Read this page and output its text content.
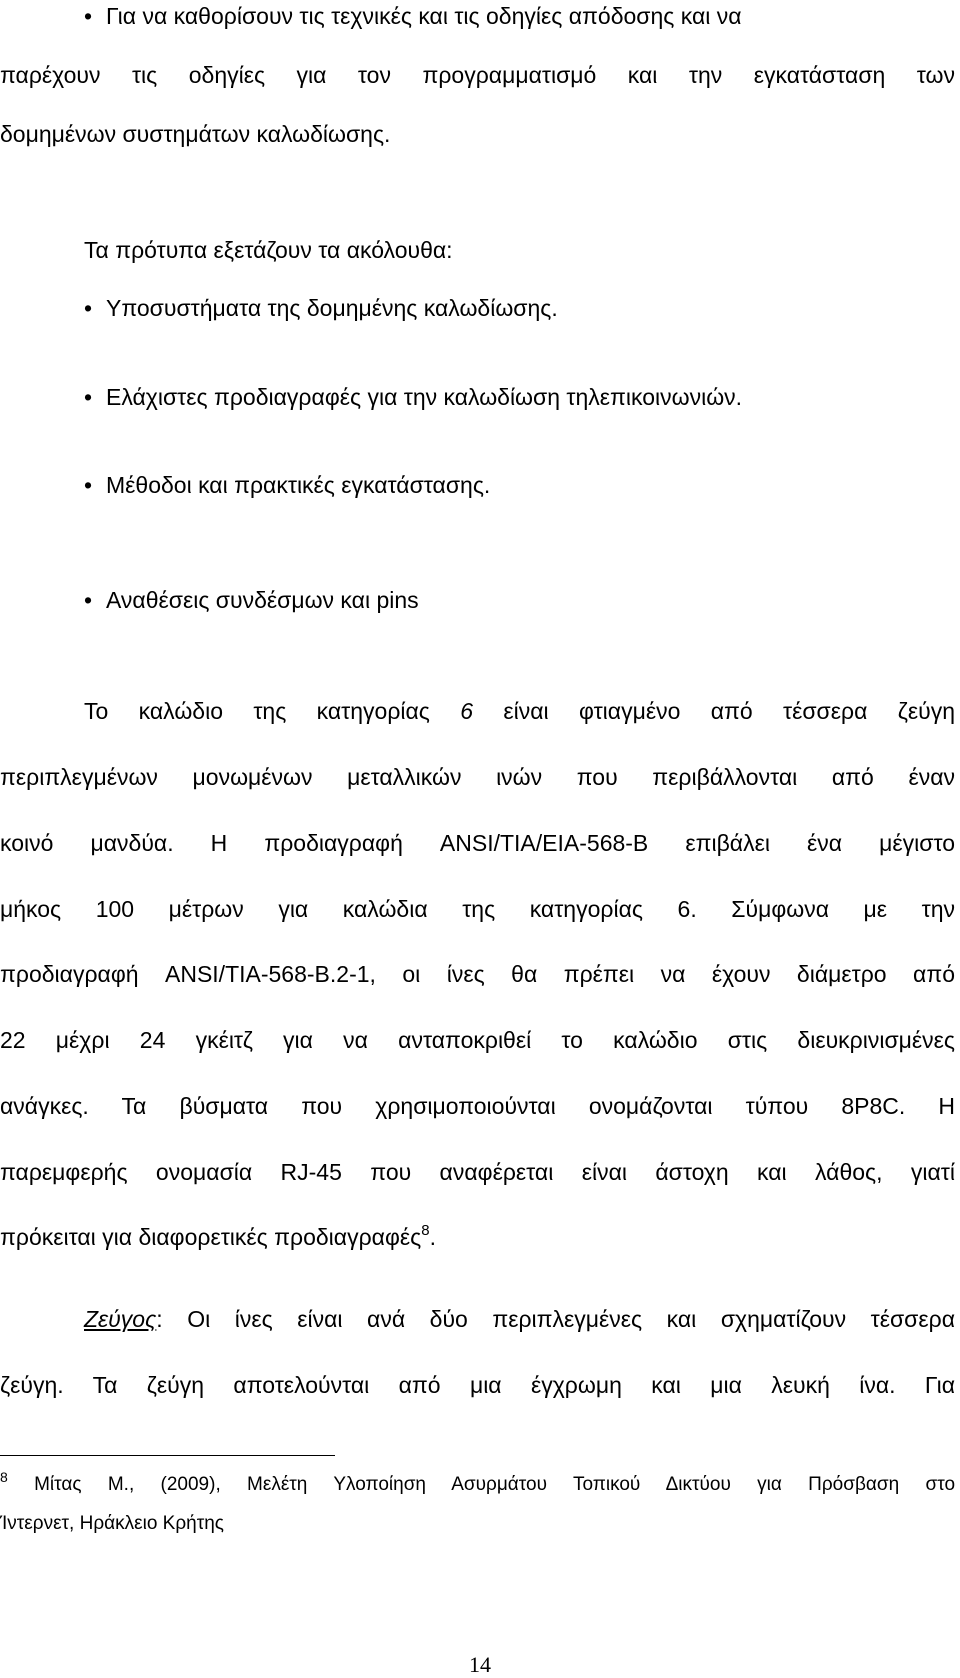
• Για να καθορίσουν τις τεχνικές και τις οδηγίες απόδοσης και να
παρέχουν τις οδηγίες για τον προγραμματισμό και την εγκατάσταση των
δομημένων συστημάτων καλωδίωσης.
Τα πρότυπα εξετάζουν τα ακόλουθα:
• Υποσυστήματα της δομημένης καλωδίωσης.
• Ελάχιστες προδιαγραφές για την καλωδίωση τηλεπικοινωνιών.
• Μέθοδοι και πρακτικές εγκατάστασης.
• Αναθέσεις συνδέσμων και pins
Το καλώδιο της κατηγορίας 6 είναι φτιαγμένο από τέσσερα ζεύγη
περιπλεγμένων μονωμένων μεταλλικών ινών που περιβάλλονται από έναν
κοινό μανδύα. Η προδιαγραφή ANSI/TIA/EIA-568-B επιβάλει ένα μέγιστο
μήκος 100 μέτρων για καλώδια της κατηγορίας 6. Σύμφωνα με την
προδιαγραφή ANSI/TIA-568-B.2-1, οι ίνες θα πρέπει να έχουν διάμετρο από
22 μέχρι 24 γκέιτζ για να ανταποκριθεί το καλώδιο στις διευκρινισμένες
ανάγκες. Τα βύσματα που χρησιμοποιούνται ονομάζονται τύπου 8P8C. Η
παρεμφερής ονομασία RJ-45 που αναφέρεται είναι άστοχη και λάθος, γιατί
πρόκειται για διαφορετικές προδιαγραφές$^8$.
Ζεύγος: Οι ίνες είναι ανά δύο περιπλεγμένες και σχηματίζουν τέσσερα
ζεύγη. Τα ζεύγη αποτελούνται από μια έγχρωμη και μια λευκή ίνα. Για
$^8$ Μίτας Μ., (2009), Μελέτη Υλοποίηση Ασυρμάτου Τοπικού Δικτύου για Πρόσβαση στο
Ίντερνετ, Ηράκλειο Κρήτης
14
